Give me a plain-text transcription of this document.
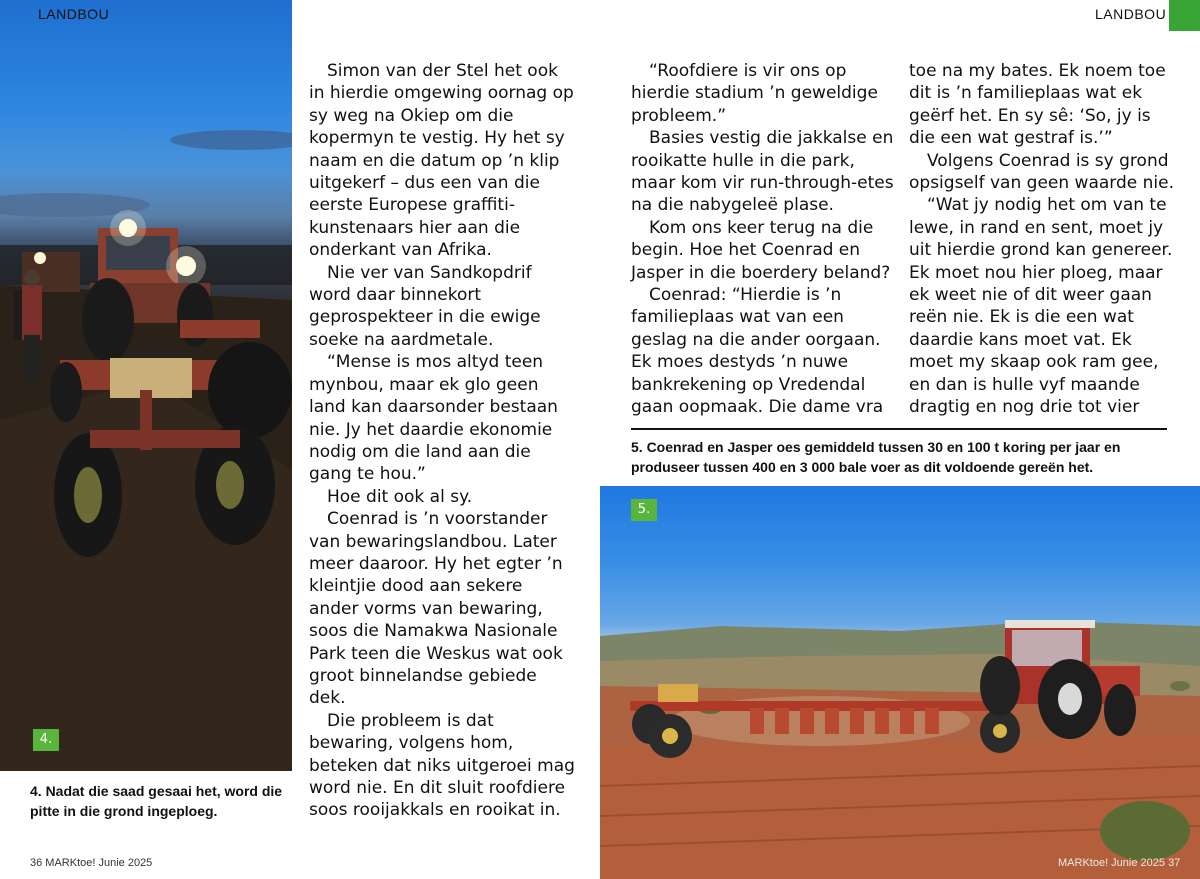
LANDBOU	LANDBOU
4.
4. Nadat die saad gesaai het, word die pitte in die grond ingeploeg.

Simon van der Stel het ook in hierdie omgewing oornag op sy weg na Okiep om die kopermyn te vestig. Hy het sy naam en die datum op ’n klip uitgekerf – dus een van die eerste Europese graffiti-kunstenaars hier aan die onderkant van Afrika.

Nie ver van Sandkopdrif word daar binnekort geprospekteer in die ewige soeke na aardmetale.

“Mense is mos altyd teen mynbou, maar ek glo geen land kan daarsonder bestaan nie. Jy het daardie ekonomie nodig om die land aan die gang te hou.”

Hoe dit ook al sy.

Coenrad is ’n voorstander van bewaringslandbou. Later meer daaroor. Hy het egter ’n kleintjie dood aan sekere ander vorms van bewaring, soos die Namakwa Nasionale Park teen die Weskus wat ook groot binnelandse gebiede dek.

Die probleem is dat bewaring, volgens hom, beteken dat niks uitgeroei mag word nie. En dit sluit roofdiere soos rooijakkals en rooikat in.

“Roofdiere is vir ons op hierdie stadium ’n geweldige probleem.”

Basies vestig die jakkalse en rooikatte hulle in die park, maar kom vir run-through-etes na die nabygeleë plase.

Kom ons keer terug na die begin. Hoe het Coenrad en Jasper in die boerdery beland?

Coenrad: “Hierdie is ’n familieplaas wat van een geslag na die ander oorgaan. Ek moes destyds ’n nuwe bankrekening op Vredendal gaan oopmaak. Die dame vra

toe na my bates. Ek noem toe dit is ’n familieplaas wat ek geërf het. En sy sê: ‘So, jy is die een wat gestraf is.’”

Volgens Coenrad is sy grond opsigself van geen waarde nie.

“Wat jy nodig het om van te lewe, in rand en sent, moet jy uit hierdie grond kan genereer. Ek moet nou hier ploeg, maar ek weet nie of dit weer gaan reën nie. Ek is die een wat daardie kans moet vat. Ek moet my skaap ook ram gee, en dan is hulle vyf maande dragtig en nog drie tot vier

5. Coenrad en Jasper oes gemiddeld tussen 30 en 100 t koring per jaar en produseer tussen 400 en 3 000 bale voer as dit voldoende gereën het.
5.
36 MARKtoe! Junie 2025	MARKtoe! Junie 2025 37
